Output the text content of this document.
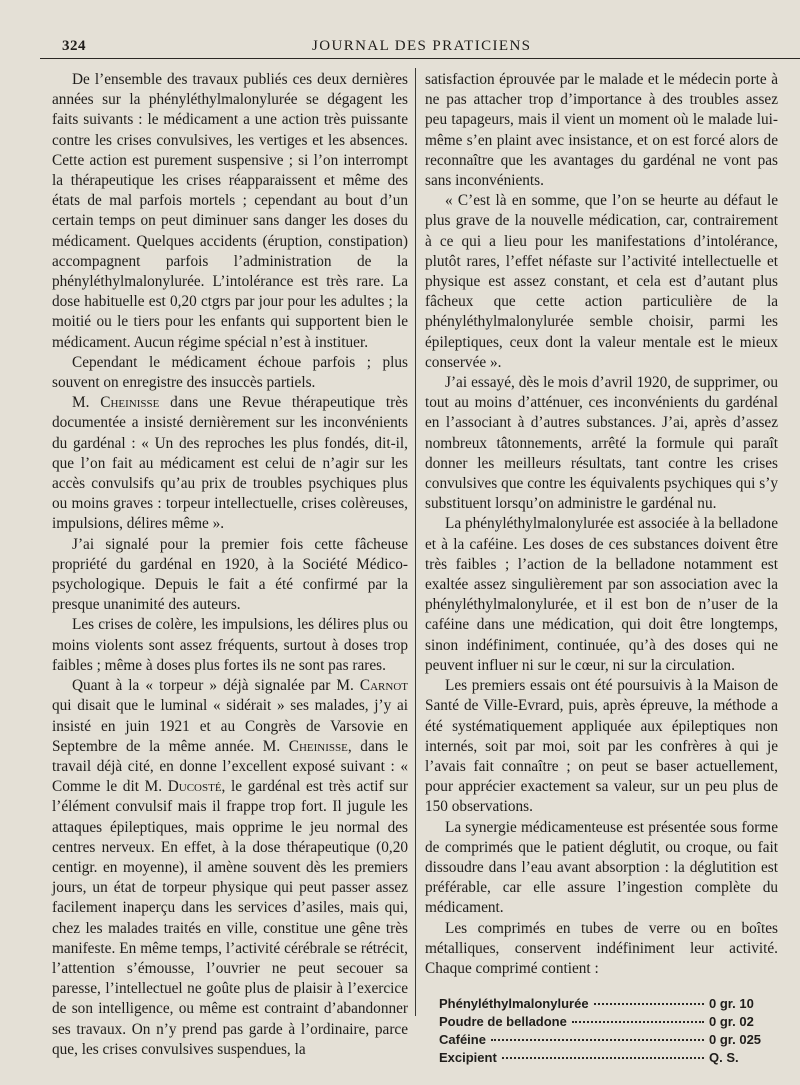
324	JOURNAL DES PRATICIENS

De l’ensemble des travaux publiés ces deux dernières années sur la phényléthylmalonylurée se dégagent les faits suivants : le médicament a une action très puissante contre les crises convulsives, les vertiges et les absences. Cette action est purement suspensive ; si l’on interrompt la thérapeutique les crises réapparaissent et même des états de mal parfois mortels ; cependant au bout d’un certain temps on peut diminuer sans danger les doses du médicament. Quelques accidents (éruption, constipation) accompagnent parfois l’administration de la phényléthylmalonylurée. L’intolérance est très rare. La dose habituelle est 0,20 ctgrs par jour pour les adultes ; la moitié ou le tiers pour les enfants qui supportent bien le médicament. Aucun régime spécial n’est à instituer.

Cependant le médicament échoue parfois ; plus souvent on enregistre des insuccès partiels.

M. Cheinisse dans une Revue thérapeutique très documentée a insisté dernièrement sur les inconvénients du gardénal : « Un des reproches les plus fondés, dit-il, que l’on fait au médicament est celui de n’agir sur les accès convulsifs qu’au prix de troubles psychiques plus ou moins graves : torpeur intellectuelle, crises colèreuses, impulsions, délires même ».

J’ai signalé pour la premier fois cette fâcheuse propriété du gardénal en 1920, à la Société Médico-psychologique. Depuis le fait a été confirmé par la presque unanimité des auteurs.

Les crises de colère, les impulsions, les délires plus ou moins violents sont assez fréquents, surtout à doses trop faibles ; même à doses plus fortes ils ne sont pas rares.

Quant à la « torpeur » déjà signalée par M. Carnot qui disait que le luminal « sidérait » ses malades, j’y ai insisté en juin 1921 et au Congrès de Varsovie en Septembre de la même année. M. Cheinisse, dans le travail déjà cité, en donne l’excellent exposé suivant : « Comme le dit M. Ducosté, le gardénal est très actif sur l’élément convulsif mais il frappe trop fort. Il jugule les attaques épileptiques, mais opprime le jeu normal des centres nerveux. En effet, à la dose thérapeutique (0,20 centigr. en moyenne), il amène souvent dès les premiers jours, un état de torpeur physique qui peut passer assez facilement inaperçu dans les services d’asiles, mais qui, chez les malades traités en ville, constitue une gêne très manifeste. En même temps, l’activité cérébrale se rétrécit, l’attention s’émousse, l’ouvrier ne peut secouer sa paresse, l’intellectuel ne goûte plus de plaisir à l’exercice de son intelligence, ou même est contraint d’abandonner ses travaux. On n’y prend pas garde à l’ordinaire, parce que, les crises convulsives suspendues, la

satisfaction éprouvée par le malade et le médecin porte à ne pas attacher trop d’importance à des troubles assez peu tapageurs, mais il vient un moment où le malade lui-même s’en plaint avec insistance, et on est forcé alors de reconnaître que les avantages du gardénal ne vont pas sans inconvénients.

« C’est là en somme, que l’on se heurte au défaut le plus grave de la nouvelle médication, car, contrairement à ce qui a lieu pour les manifestations d’intolérance, plutôt rares, l’effet néfaste sur l’activité intellectuelle et physique est assez constant, et cela est d’autant plus fâcheux que cette action particulière de la phényléthylmalonylurée semble choisir, parmi les épileptiques, ceux dont la valeur mentale est le mieux conservée ».

J’ai essayé, dès le mois d’avril 1920, de supprimer, ou tout au moins d’atténuer, ces inconvénients du gardénal en l’associant à d’autres substances. J’ai, après d’assez nombreux tâtonnements, arrêté la formule qui paraît donner les meilleurs résultats, tant contre les crises convulsives que contre les équivalents psychiques qui s’y substituent lorsqu’on administre le gardénal nu.

La phényléthylmalonylurée est associée à la belladone et à la caféine. Les doses de ces substances doivent être très faibles ; l’action de la belladone notamment est exaltée assez singulièrement par son association avec la phényléthylmalonylurée, et il est bon de n’user de la caféine dans une médication, qui doit être longtemps, sinon indéfiniment, continuée, qu’à des doses qui ne peuvent influer ni sur le cœur, ni sur la circulation.

Les premiers essais ont été poursuivis à la Maison de Santé de Ville-Evrard, puis, après épreuve, la méthode a été systématiquement appliquée aux épileptiques non internés, soit par moi, soit par les confrères à qui je l’avais fait connaître ; on peut se baser actuellement, pour apprécier exactement sa valeur, sur un peu plus de 150 observations.

La synergie médicamenteuse est présentée sous forme de comprimés que le patient déglutit, ou croque, ou fait dissoudre dans l’eau avant absorption : la déglutition est préférable, car elle assure l’ingestion complète du médicament.

Les comprimés en tubes de verre ou en boîtes métalliques, conservent indéfiniment leur activité. Chaque comprimé contient :

Phényléthylmalonylurée	0 gr. 10
Poudre de belladone	0 gr. 02
Caféine	0 gr. 025
Excipient	Q. S.
